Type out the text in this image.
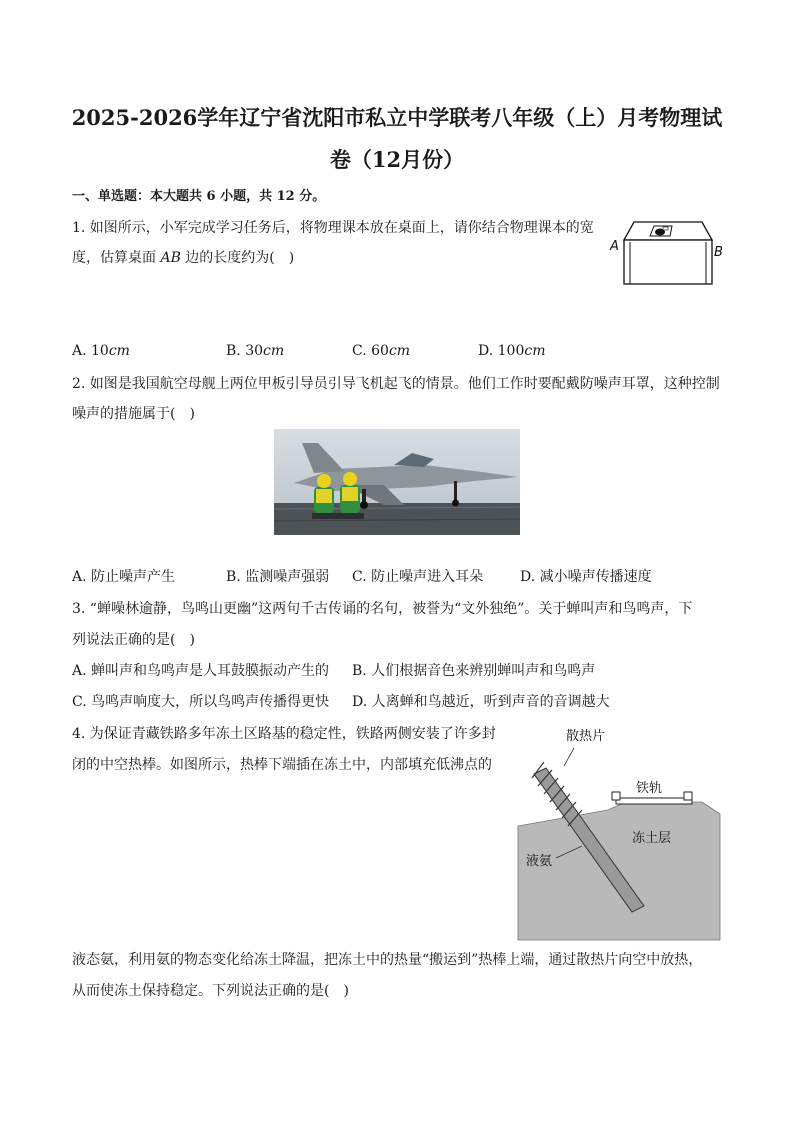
2025-2026学年辽宁省沈阳市私立中学联考八年级（上）月考物理试
卷（12月份）
一、单选题：本大题共 6 小题，共 12 分。
1. 如图所示，小军完成学习任务后，将物理课本放在桌面上，请你结合物理课本的宽
度，估算桌面 AB 边的长度约为(　)
A	B
A. 10cm	B. 30cm	C. 60cm	D. 100cm
2. 如图是我国航空母舰上两位甲板引导员引导飞机起飞的情景。他们工作时要配戴防噪声耳罩，这种控制
噪声的措施属于(　)
A. 防止噪声产生	B. 监测噪声强弱 C. 防止噪声进入耳朵	D. 减小噪声传播速度
3. “蝉噪林逾静，鸟鸣山更幽”这两句千古传诵的名句，被誉为“文外独绝”。关于蝉叫声和鸟鸣声，下
列说法正确的是(　)
A. 蝉叫声和鸟鸣声是人耳鼓膜振动产生的 B. 人们根据音色来辨别蝉叫声和鸟鸣声
C. 鸟鸣声响度大，所以鸟鸣声传播得更快 D. 人离蝉和鸟越近，听到声音的音调越大
4. 为保证青藏铁路多年冻土区路基的稳定性，铁路两侧安装了许多封
闭的中空热棒。如图所示，热棒下端插在冻土中，内部填充低沸点的
散热片
铁轨
冻土层
液氨
液态氨，利用氨的物态变化给冻土降温，把冻土中的热量“搬运到”热棒上端，通过散热片向空中放热，
从而使冻土保持稳定。下列说法正确的是(　)
